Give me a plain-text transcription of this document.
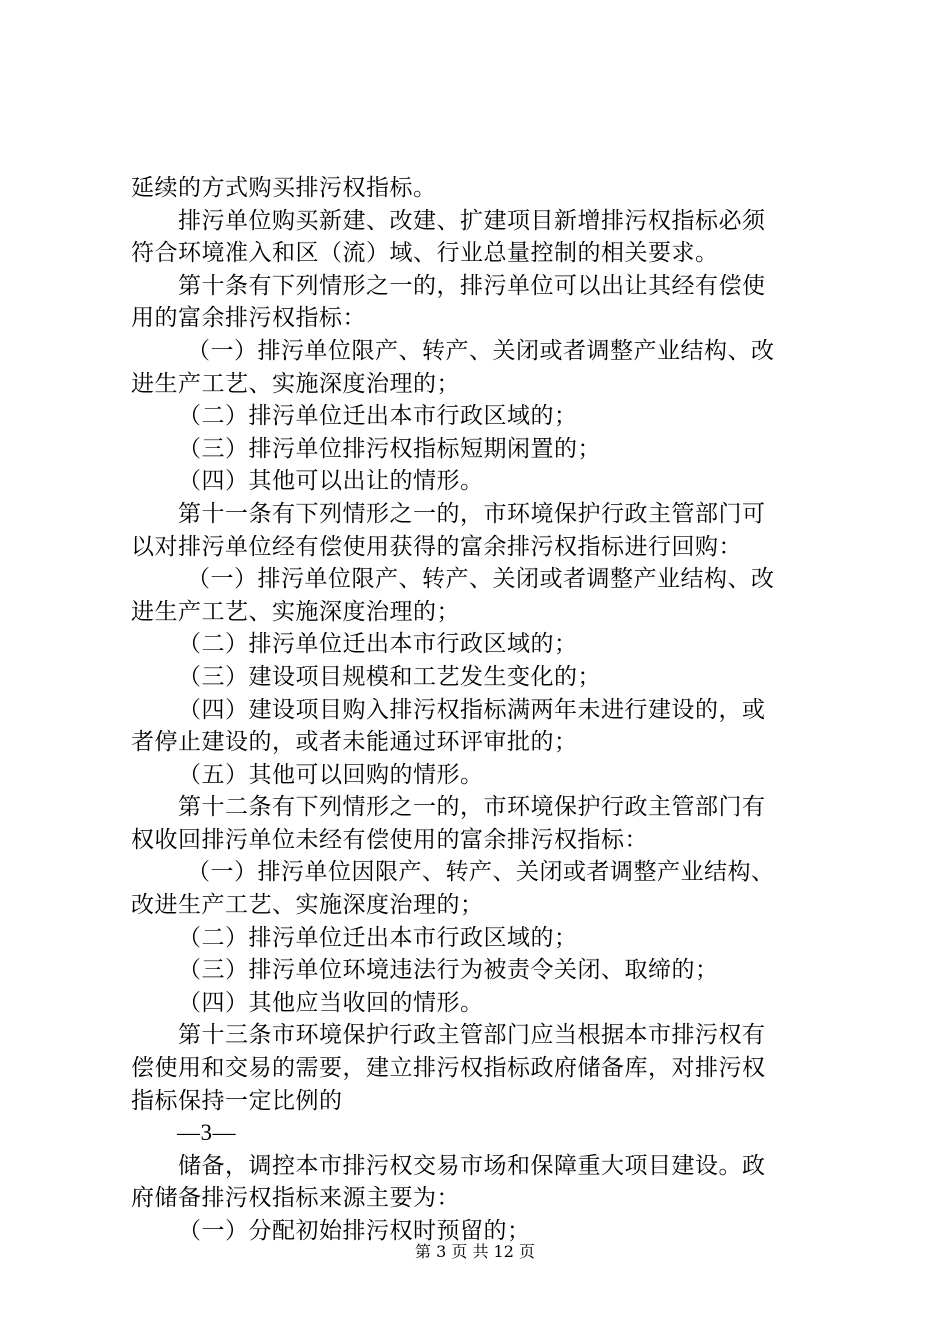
延续的方式购买排污权指标。

排污单位购买新建、改建、扩建项目新增排污权指标必须

符合环境准入和区（流）域、行业总量控制的相关要求。

第十条有下列情形之一的，排污单位可以出让其经有偿使

用的富余排污权指标：

（一）排污单位限产、转产、关闭或者调整产业结构、改

进生产工艺、实施深度治理的；

（二）排污单位迁出本市行政区域的；

（三）排污单位排污权指标短期闲置的；

（四）其他可以出让的情形。

第十一条有下列情形之一的，市环境保护行政主管部门可

以对排污单位经有偿使用获得的富余排污权指标进行回购：

（一）排污单位限产、转产、关闭或者调整产业结构、改

进生产工艺、实施深度治理的；

（二）排污单位迁出本市行政区域的；

（三）建设项目规模和工艺发生变化的；

（四）建设项目购入排污权指标满两年未进行建设的，或

者停止建设的，或者未能通过环评审批的；

（五）其他可以回购的情形。

第十二条有下列情形之一的，市环境保护行政主管部门有

权收回排污单位未经有偿使用的富余排污权指标：

（一）排污单位因限产、转产、关闭或者调整产业结构、

改进生产工艺、实施深度治理的；

（二）排污单位迁出本市行政区域的；

（三）排污单位环境违法行为被责令关闭、取缔的；

（四）其他应当收回的情形。

第十三条市环境保护行政主管部门应当根据本市排污权有

偿使用和交易的需要，建立排污权指标政府储备库，对排污权

指标保持一定比例的

—3—

储备，调控本市排污权交易市场和保障重大项目建设。政

府储备排污权指标来源主要为：

（一）分配初始排污权时预留的；

第 3 页 共 12 页
